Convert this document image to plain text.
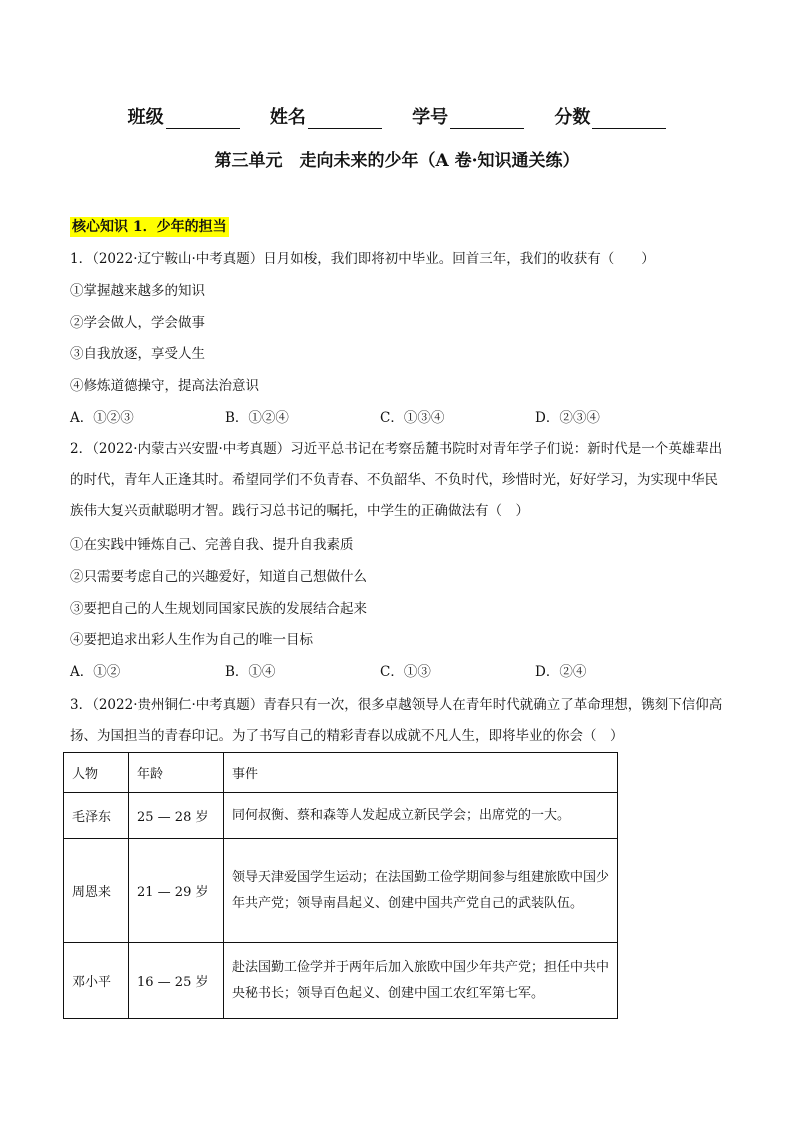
班级	姓名	学号	分数
第三单元　走向未来的少年（A 卷·知识通关练）
核心知识 1．少年的担当
1．（2022·辽宁鞍山·中考真题）日月如梭，我们即将初中毕业。回首三年，我们的收获有（　　）
①掌握越来越多的知识
②学会做人，学会做事
③自我放逐，享受人生
④修炼道德操守，提高法治意识
A．①②③	B．①②④	C．①③④	D．②③④
2．（2022·内蒙古兴安盟·中考真题）习近平总书记在考察岳麓书院时对青年学子们说：新时代是一个英雄辈出的时代，青年人正逢其时。希望同学们不负青春、不负韶华、不负时代，珍惜时光，好好学习，为实现中华民族伟大复兴贡献聪明才智。践行习总书记的嘱托，中学生的正确做法有（　）
①在实践中锤炼自己、完善自我、提升自我素质
②只需要考虑自己的兴趣爱好，知道自己想做什么
③要把自己的人生规划同国家民族的发展结合起来
④要把追求出彩人生作为自己的唯一目标
A．①②	B．①④	C．①③	D．②④
3．（2022·贵州铜仁·中考真题）青春只有一次，很多卓越领导人在青年时代就确立了革命理想，镌刻下信仰高扬、为国担当的青春印记。为了书写自己的精彩青春以成就不凡人生，即将毕业的你会（　）
人物	年龄	事件
毛泽东	25 — 28 岁	同何叔衡、蔡和森等人发起成立新民学会；出席党的一大。
周恩来	21 — 29 岁	领导天津爱国学生运动；在法国勤工俭学期间参与组建旅欧中国少年共产党；领导南昌起义、创建中国共产党自己的武装队伍。
邓小平	16 — 25 岁	赴法国勤工俭学并于两年后加入旅欧中国少年共产党；担任中共中央秘书长；领导百色起义、创建中国工农红军第七军。
